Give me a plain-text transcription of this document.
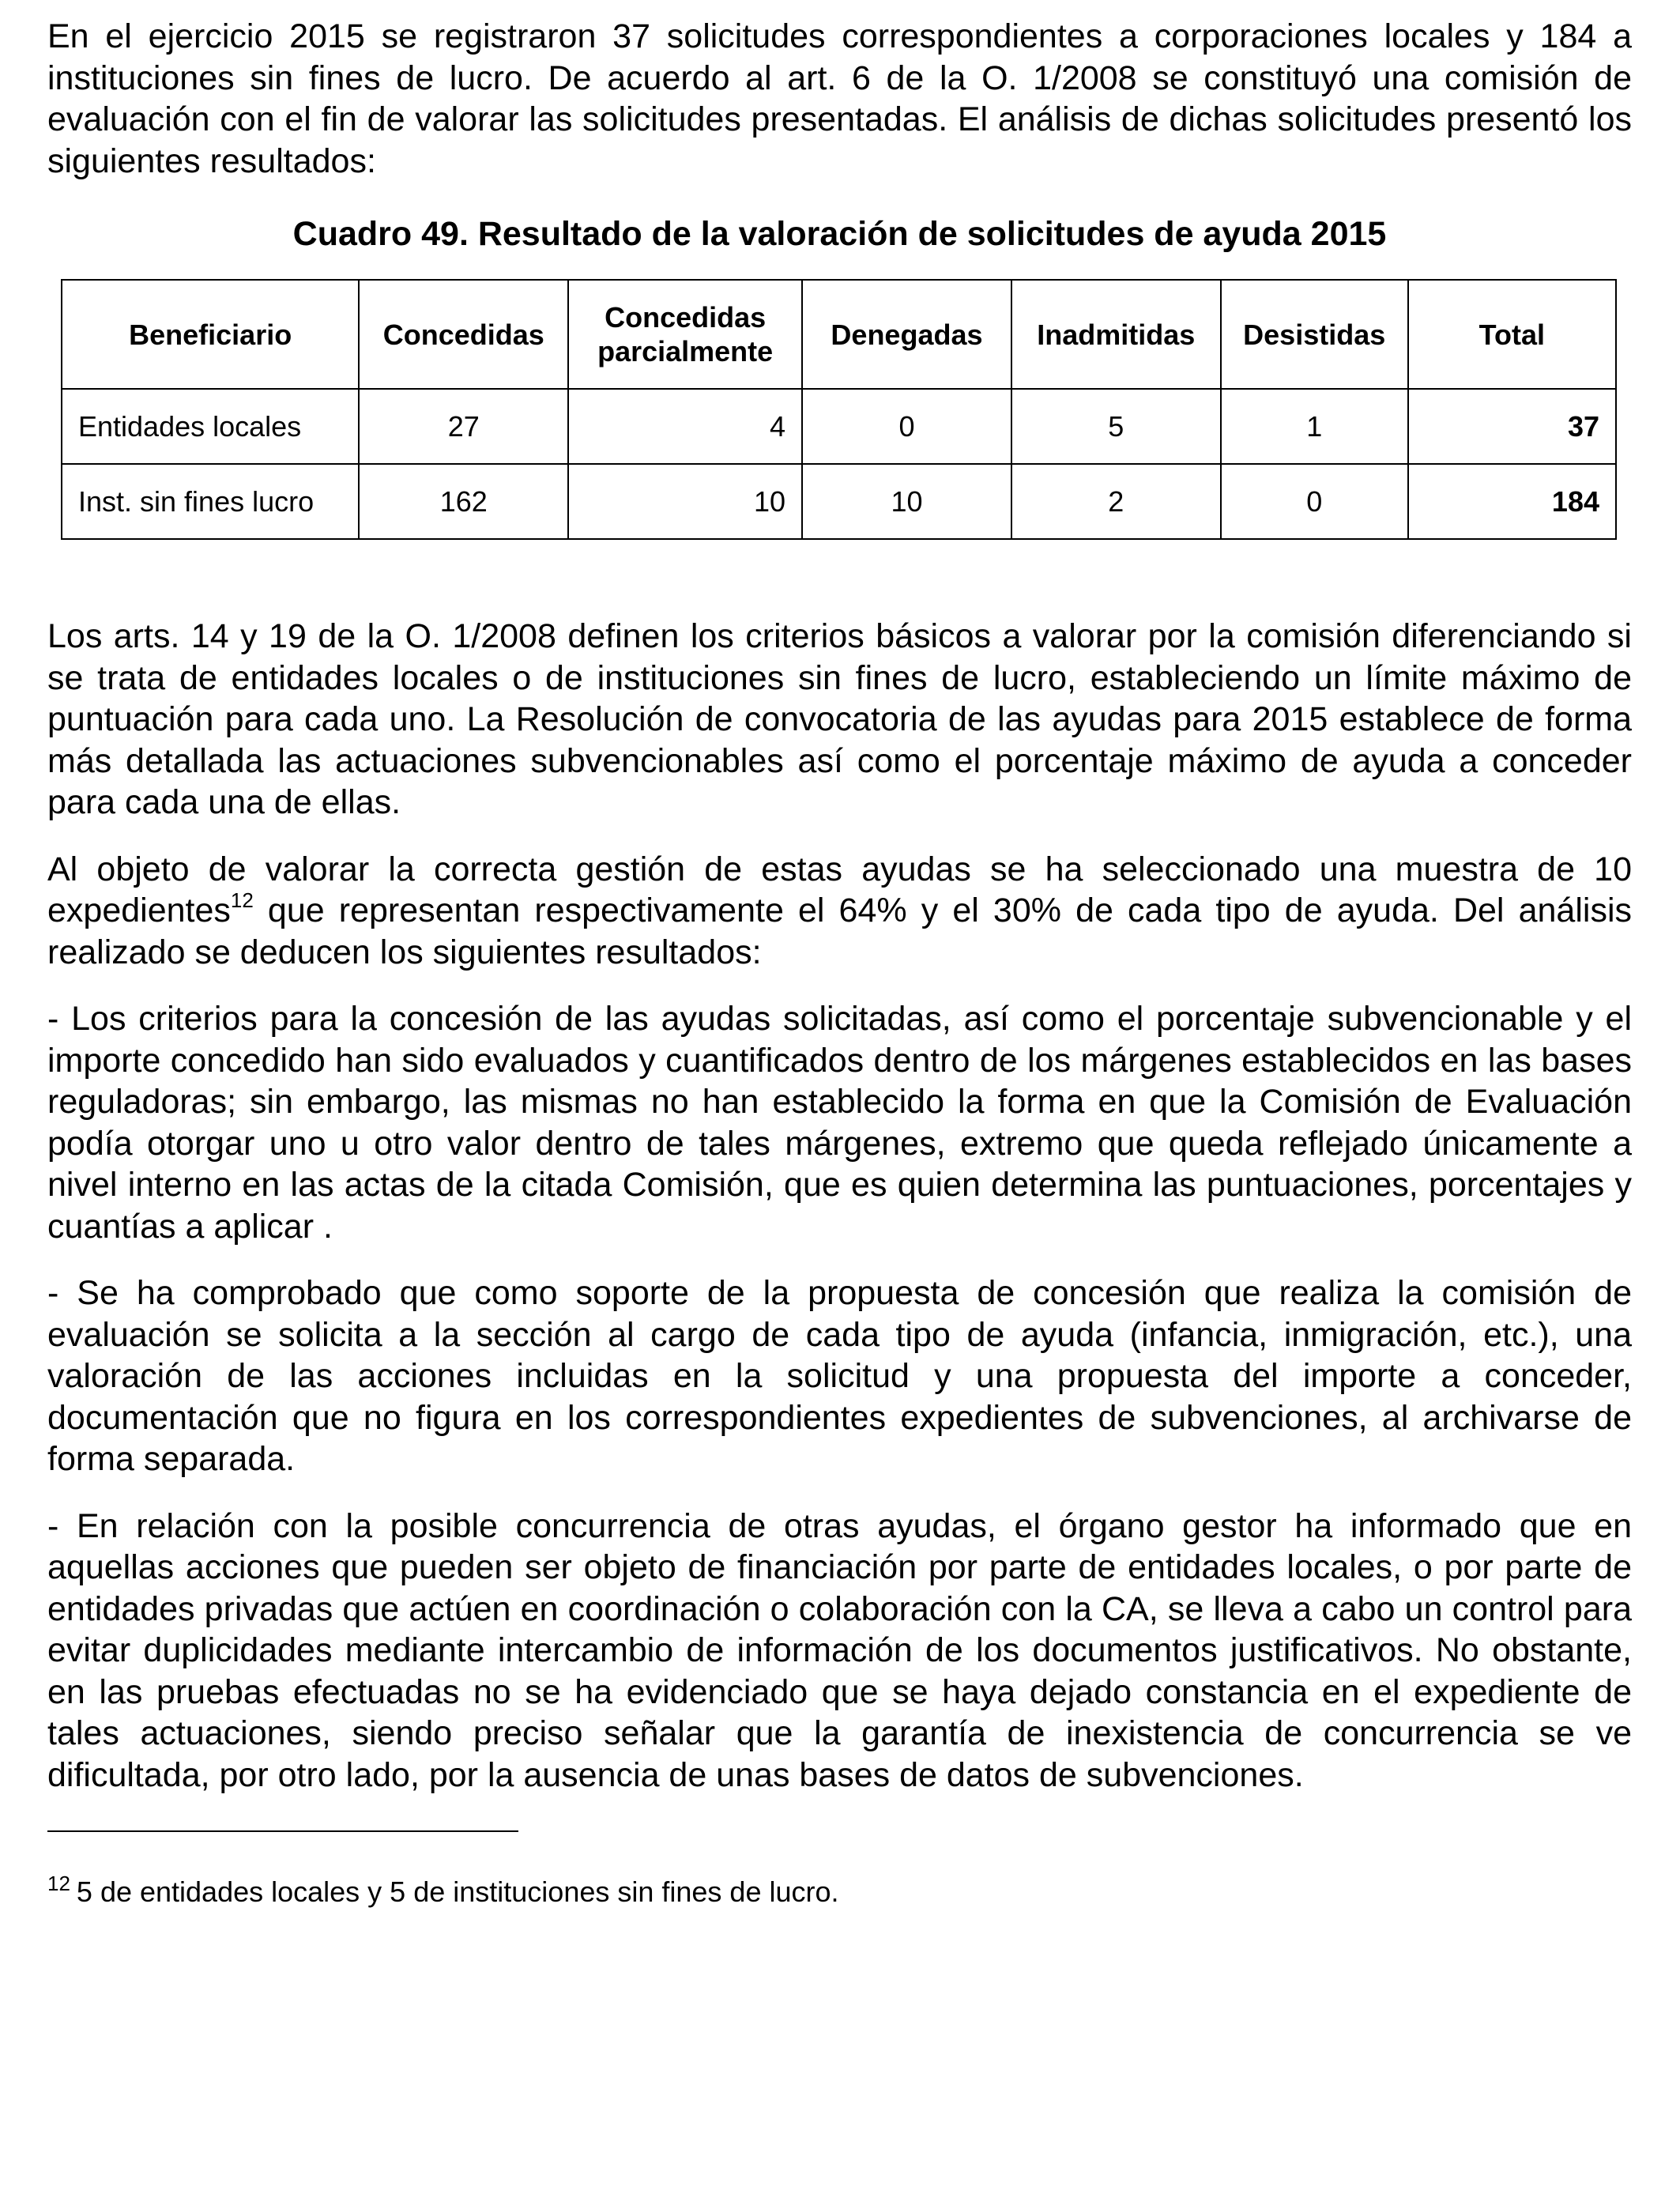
En el ejercicio 2015 se registraron 37 solicitudes correspondientes a corporaciones locales y 184 a instituciones sin fines de lucro. De acuerdo al art. 6 de la O. 1/2008 se constituyó una comisión de evaluación con el fin de valorar las solicitudes presentadas. El análisis de dichas solicitudes presentó los siguientes resultados:

Cuadro 49. Resultado de la valoración de solicitudes de ayuda 2015

Beneficiario	Concedidas	Concedidas parcialmente	Denegadas	Inadmitidas	Desistidas	Total
Entidades locales	27	4	0	5	1	37
Inst. sin fines lucro	162	10	10	2	0	184

Los arts. 14 y 19 de la O. 1/2008 definen los criterios básicos a valorar por la comisión diferenciando si se trata de entidades locales o de instituciones sin fines de lucro, estableciendo un límite máximo de puntuación para cada uno. La Resolución de convocatoria de las ayudas para 2015 establece de forma más detallada las actuaciones subvencionables así como el porcentaje máximo de ayuda a conceder para cada una de ellas.

Al objeto de valorar la correcta gestión de estas ayudas se ha seleccionado una muestra de 10 expedientes$^{12}$ que representan respectivamente el 64% y el 30% de cada tipo de ayuda. Del análisis realizado se deducen los siguientes resultados:

- Los criterios para la concesión de las ayudas solicitadas, así como el porcentaje subvencionable y el importe concedido han sido evaluados y cuantificados dentro de los márgenes establecidos en las bases reguladoras; sin embargo, las mismas no han establecido la forma en que la Comisión de Evaluación podía otorgar uno u otro valor dentro de tales márgenes, extremo que queda reflejado únicamente a nivel interno en las actas de la citada Comisión, que es quien determina las puntuaciones, porcentajes y cuantías a aplicar .

- Se ha comprobado que como soporte de la propuesta de concesión que realiza la comisión de evaluación se solicita a la sección al cargo de cada tipo de ayuda (infancia, inmigración, etc.), una valoración de las acciones incluidas en la solicitud y una propuesta del importe a conceder, documentación que no figura en los correspondientes expedientes de subvenciones, al archivarse de forma separada.

- En relación con la posible concurrencia de otras ayudas, el órgano gestor ha informado que en aquellas acciones que pueden ser objeto de financiación por parte de entidades locales, o por parte de entidades privadas que actúen en coordinación o colaboración con la CA, se lleva a cabo un control para evitar duplicidades mediante intercambio de información de los documentos justificativos. No obstante, en las pruebas efectuadas no se ha evidenciado que se haya dejado constancia en el expediente de tales actuaciones, siendo preciso señalar que la garantía de inexistencia de concurrencia se ve dificultada, por otro lado, por la ausencia de unas bases de datos de subvenciones.

$^{12}$ 5 de entidades locales y 5 de instituciones sin fines de lucro.
